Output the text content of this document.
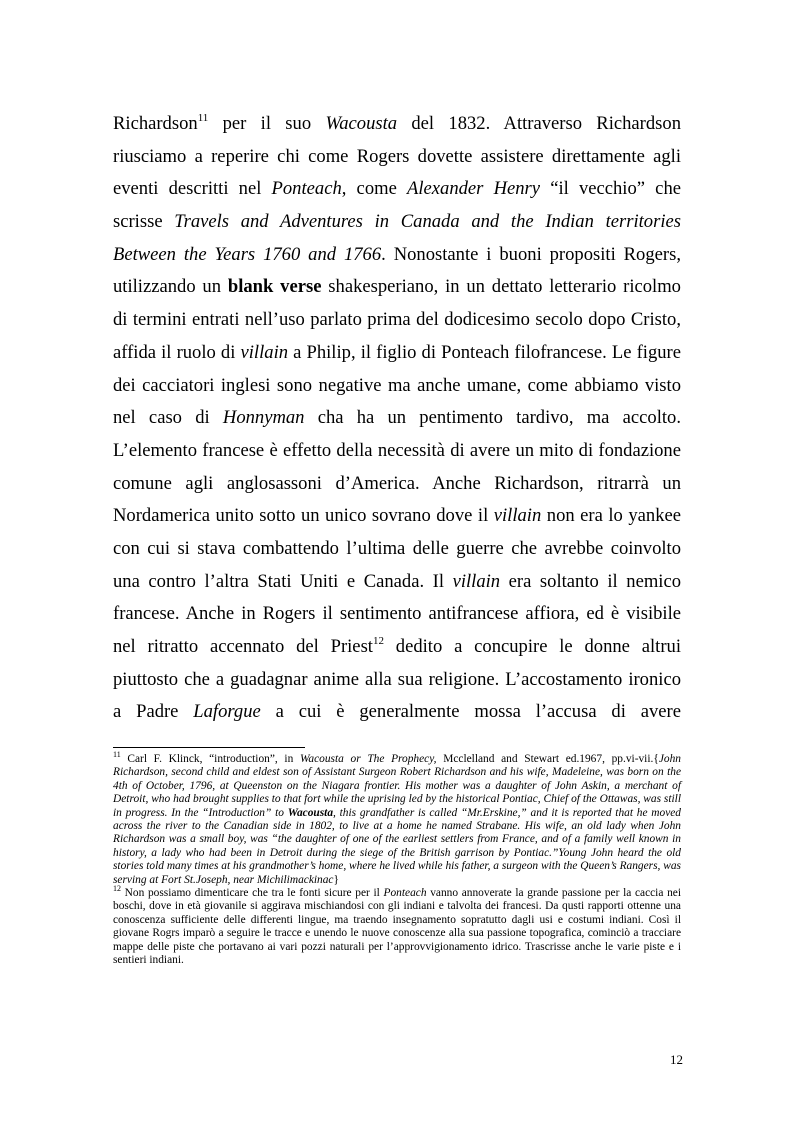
Richardson$^{11}$ per il suo Wacousta del 1832. Attraverso Richardson
riusciamo a reperire chi come Rogers dovette assistere direttamente agli
eventi descritti nel Ponteach, come Alexander Henry “il vecchio” che
scrisse Travels and Adventures in Canada and the Indian territories
Between the Years 1760 and 1766. Nonostante i buoni propositi Rogers,
utilizzando un blank verse shakesperiano, in un dettato letterario ricolmo
di termini entrati nell’uso parlato prima del dodicesimo secolo dopo Cristo,
affida il ruolo di villain a Philip, il figlio di Ponteach filofrancese. Le figure
dei cacciatori inglesi sono negative ma anche umane, come abbiamo visto
nel caso di Honnyman cha ha un pentimento tardivo, ma accolto.
L’elemento francese è effetto della necessità di avere un mito di fondazione
comune agli anglosassoni d’America. Anche Richardson, ritrarrà un
Nordamerica unito sotto un unico sovrano dove il villain non era lo yankee
con cui si stava combattendo l’ultima delle guerre che avrebbe coinvolto
una contro l’altra Stati Uniti e Canada. Il villain era soltanto il nemico
francese. Anche in Rogers il sentimento antifrancese affiora, ed è visibile
nel ritratto accennato del Priest$^{12}$ dedito a concupire le donne altrui
piuttosto che a guadagnar anime alla sua religione. L’accostamento ironico
a Padre Laforgue a cui è generalmente mossa l’accusa di avere
$^{11}$ Carl F. Klinck, “introduction”, in Wacousta or The Prophecy, Mcclelland and Stewart ed.1967, pp.vi-vii.{John Richardson, second child and eldest son of Assistant Surgeon Robert Richardson and his wife, Madeleine, was born on the 4th of October, 1796, at Queenston on the Niagara frontier. His mother was a daughter of John Askin, a merchant of Detroit, who had brought supplies to that fort while the uprising led by the historical Pontiac, Chief of the Ottawas, was still in progress. In the “Introduction” to Wacousta, this grandfather is called “Mr.Erskine,” and it is reported that he moved across the river to the Canadian side in 1802, to live at a home he named Strabane. His wife, an old lady when John Richardson was a small boy, was “the daughter of one of the earliest settlers from France, and of a family well known in history, a lady who had been in Detroit during the siege of the British garrison by Pontiac.”Young John heard the old stories told many times at his grandmother’s home, where he lived while his father, a surgeon with the Queen’s Rangers, was serving at Fort St.Joseph, near Michilimackinac}
$^{12}$ Non possiamo dimenticare che tra le fonti sicure per il Ponteach vanno annoverate la grande passione per la caccia nei boschi, dove in età giovanile si aggirava mischiandosi con gli indiani e talvolta dei francesi. Da qusti rapporti ottenne una conoscenza sufficiente delle differenti lingue, ma traendo insegnamento sopratutto dagli usi e costumi indiani. Così il giovane Rogrs imparò a seguire le tracce e unendo le nuove conoscenze alla sua passione topografica, cominciò a tracciare mappe delle piste che portavano ai vari pozzi naturali per l’approvvigionamento idrico. Trascrisse anche le varie piste e i sentieri indiani.
12
